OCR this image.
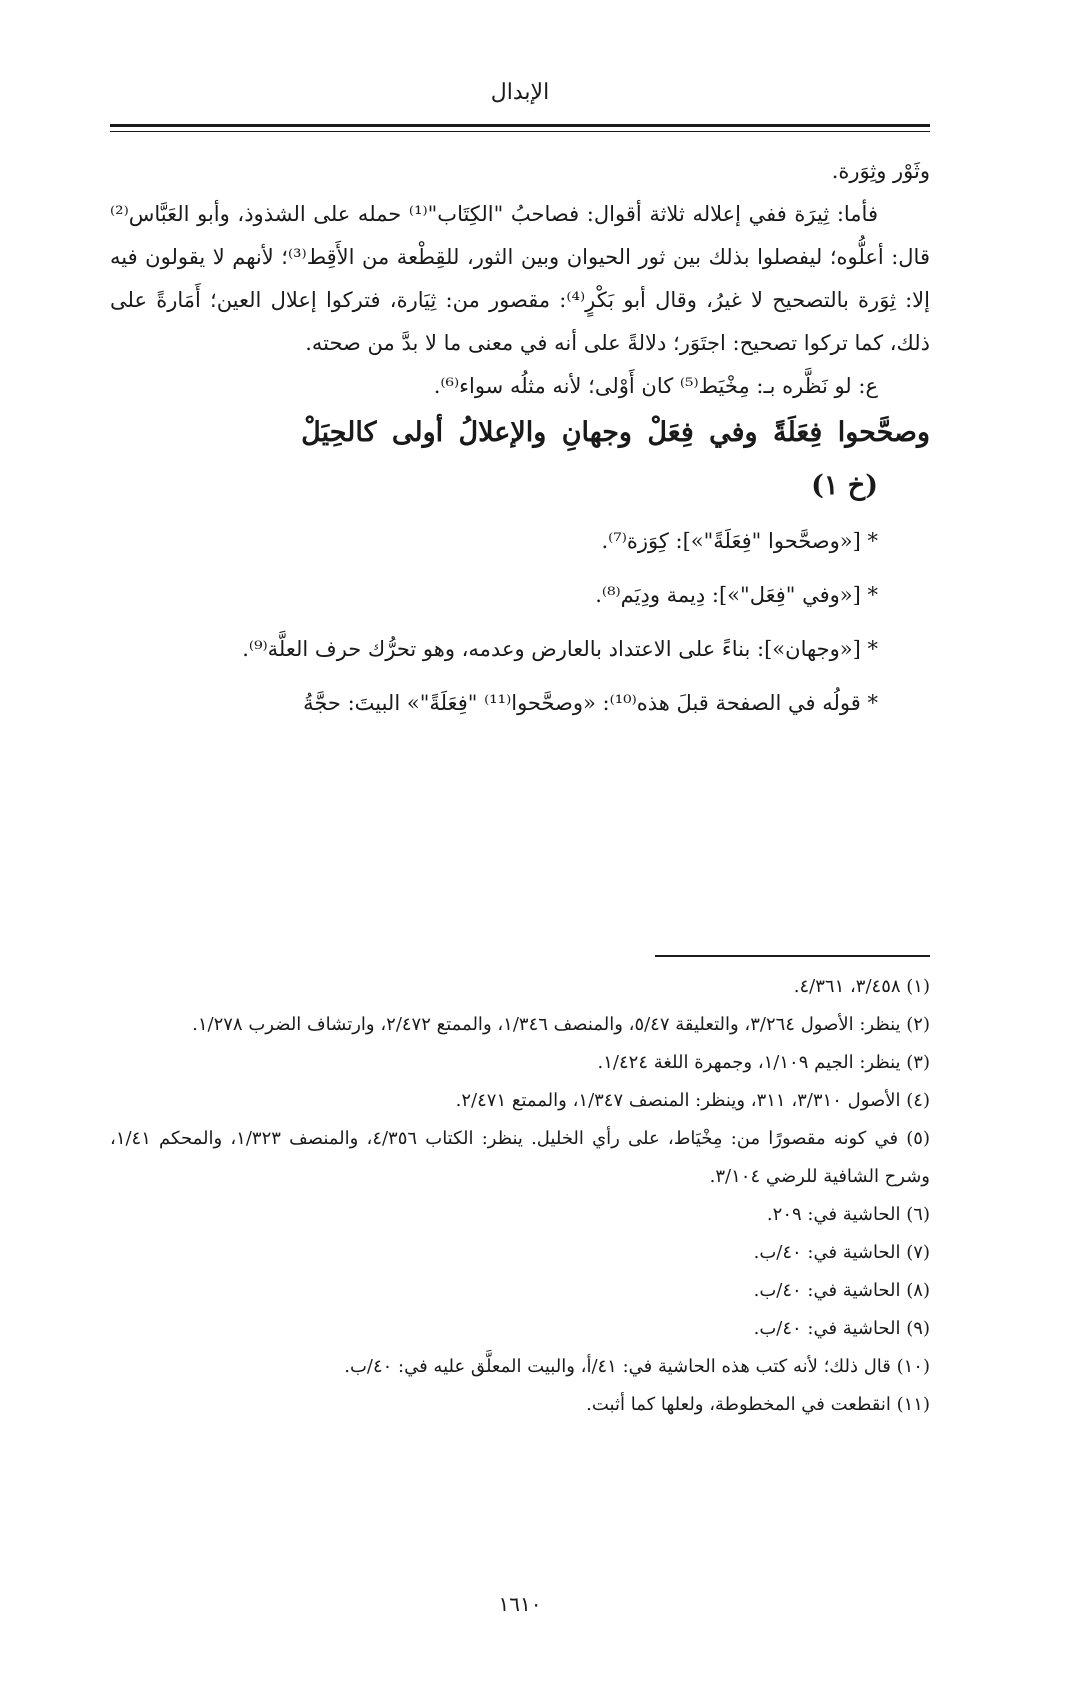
الإبدال

وثَوْر وثِوَرة.

فأما: ثِيرَة ففي إعلاله ثلاثة أقوال: فصاحبُ "الكِتَاب"⁽¹⁾ حمله على الشذوذ، وأبو العَبَّاس⁽²⁾ قال: أعلُّوه؛ ليفصلوا بذلك بين ثور الحيوان وبين الثور، للقِطْعة من الأَقِط⁽³⁾؛ لأنهم لا يقولون فيه إلا: ثِوَرة بالتصحيح لا غيرُ، وقال أبو بَكْرٍ⁽⁴⁾: مقصور من: ثِيَارة، فتركوا إعلال العين؛ أَمَارةً على ذلك، كما تركوا تصحيح: اجتَوَر؛ دلالةً على أنه في معنى ما لا بدَّ من صحته.

ع: لو نَظَّره بـ: مِخْيَط⁽⁵⁾ كان أَوْلى؛ لأنه مثلُه سواء⁽⁶⁾.

وصحَّحوا فِعَلَةً وفي فِعَلْ وجهانِ والإعلالُ أولى كالحِيَلْ

(خ ١)

* [«وصحَّحوا "فِعَلَةً"»]: كِوَزة⁽⁷⁾.

* [«وفي "فِعَل"»]: دِيمة ودِيَم⁽⁸⁾.

* [«وجهان»]: بناءً على الاعتداد بالعارض وعدمه، وهو تحرُّك حرف العلَّة⁽⁹⁾.

* قولُه في الصفحة قبلَ هذه⁽¹⁰⁾: «وصحَّحوا⁽¹¹⁾ "فِعَلَةً"» البيتَ: حجَّةُ

(١) ٣/٤٥٨، ٤/٣٦١.

(٢) ينظر: الأصول ٣/٢٦٤، والتعليقة ٥/٤٧، والمنصف ١/٣٤٦، والممتع ٢/٤٧٢، وارتشاف الضرب ١/٢٧٨.

(٣) ينظر: الجيم ١/١٠٩، وجمهرة اللغة ١/٤٢٤.

(٤) الأصول ٣/٣١٠، ٣١١، وينظر: المنصف ١/٣٤٧، والممتع ٢/٤٧١.

(٥) في كونه مقصورًا من: مِخْيَاط، على رأي الخليل. ينظر: الكتاب ٤/٣٥٦، والمنصف ١/٣٢٣، والمحكم ١/٤١، وشرح الشافية للرضي ٣/١٠٤.

(٦) الحاشية في: ٢٠٩.

(٧) الحاشية في: ٤٠/ب.

(٨) الحاشية في: ٤٠/ب.

(٩) الحاشية في: ٤٠/ب.

(١٠) قال ذلك؛ لأنه كتب هذه الحاشية في: ٤١/أ، والبيت المعلَّق عليه في: ٤٠/ب.

(١١) انقطعت في المخطوطة، ولعلها كما أثبت.

١٦١٠
